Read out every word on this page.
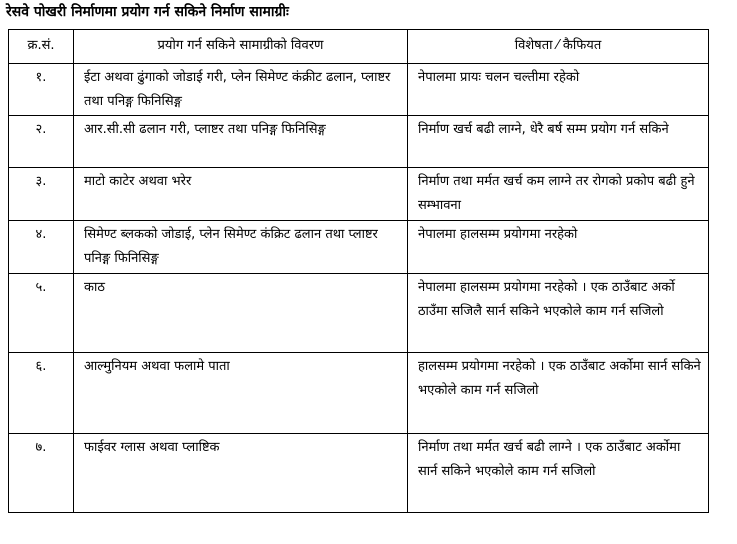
रेसवे पोखरी निर्माणमा प्रयोग गर्न सकिने निर्माण सामाग्रीः
क्र.सं.	प्रयोग गर्न सकिने सामाग्रीको विवरण	विशेषता ⁄ कैफियत
१.	ईटा अथवा ढुंगाको जोडाई गरी, प्लेन सिमेण्ट कंक्रीट ढलान, प्लाष्टर तथा पनिङ्ग फिनिसिङ्ग	नेपालमा प्रायः चलन चल्तीमा रहेको
२.	आर.सी.सी ढलान गरी, प्लाष्टर तथा पनिङ्ग फिनिसिङ्ग	निर्माण खर्च बढी लाग्ने, धेरै बर्ष सम्म प्रयोग गर्न सकिने
३.	माटो काटेर अथवा भरेर	निर्माण तथा मर्मत खर्च कम लाग्ने तर रोगको प्रकोप बढी हुने सम्भावना
४.	सिमेण्ट ब्लकको जोडाई, प्लेन सिमेण्ट कंक्रिट ढलान तथा प्लाष्टर पनिङ्ग फिनिसिङ्ग	नेपालमा हालसम्म प्रयोगमा नरहेको
५.	काठ	नेपालमा हालसम्म प्रयोगमा नरहेको । एक ठाउँबाट अर्को ठाउँमा सजिलै सार्न सकिने भएकोले काम गर्न सजिलो
६.	आल्मुनियम अथवा फलामे पाता	हालसम्म प्रयोगमा नरहेको । एक ठाउँबाट अर्कोमा सार्न सकिने भएकोले काम गर्न सजिलो
७.	फाईवर ग्लास अथवा प्लाष्टिक	निर्माण तथा मर्मत खर्च बढी लाग्ने । एक ठाउँबाट अर्कोमा सार्न सकिने भएकोले काम गर्न सजिलो
